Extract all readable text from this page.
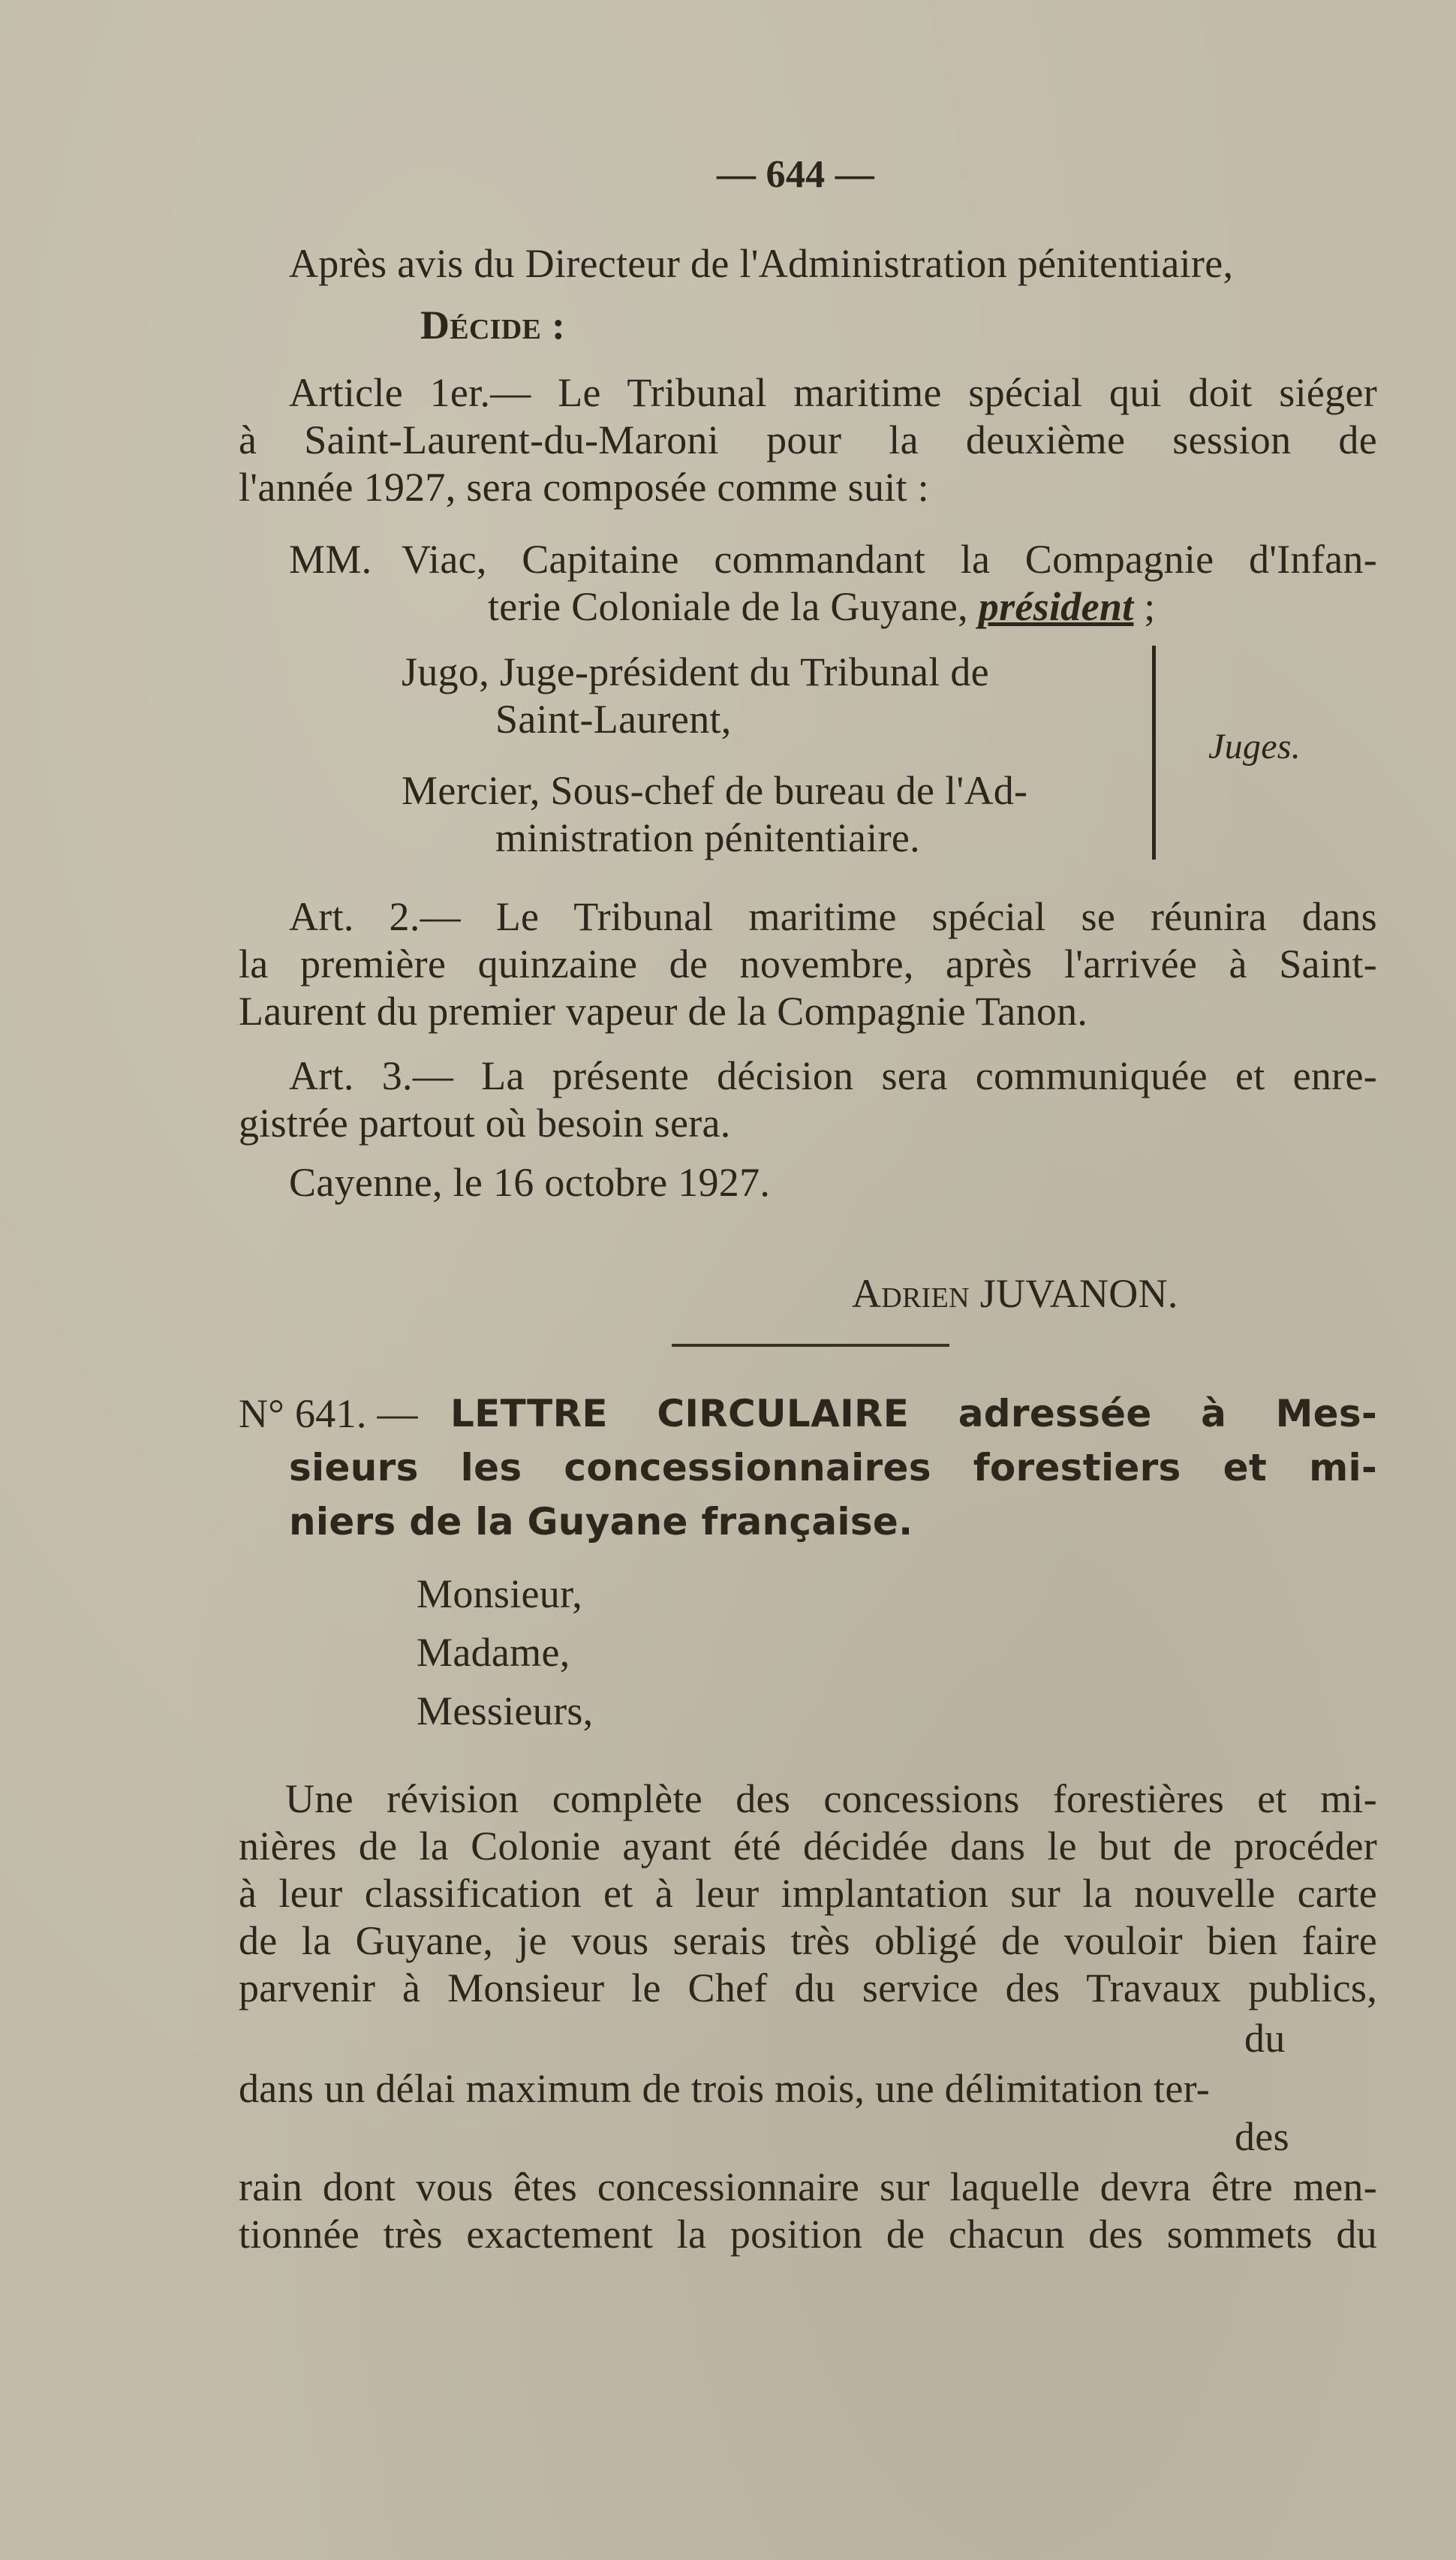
— 644 —
Après avis du Directeur de l'Administration pénitentiaire,
Décide :
Article 1er.— Le Tribunal maritime spécial qui doit siéger
à Saint-Laurent-du-Maroni pour la deuxième session de
l'année 1927, sera composée comme suit :
MM. Viac, Capitaine commandant la Compagnie d'Infan-
terie Coloniale de la Guyane, président ;
Jugo, Juge-président du Tribunal de
Saint-Laurent,
Mercier, Sous-chef de bureau de l'Ad-
ministration pénitentiaire.
Juges.
Art. 2.— Le Tribunal maritime spécial se réunira dans
la première quinzaine de novembre, après l'arrivée à Saint-
Laurent du premier vapeur de la Compagnie Tanon.
Art. 3.— La présente décision sera communiquée et enre-
gistrée partout où besoin sera.
Cayenne, le 16 octobre 1927.
Adrien JUVANON.
N° 641. — LETTRE CIRCULAIRE adressée à Mes-
sieurs les concessionnaires forestiers et mi-
niers de la Guyane française.
Monsieur,
Madame,
Messieurs,
Une révision complète des concessions forestières et mi-
nières de la Colonie ayant été décidée dans le but de procéder
à leur classification et à leur implantation sur la nouvelle carte
de la Guyane, je vous serais très obligé de vouloir bien faire
parvenir à Monsieur le Chef du service des Travaux publics,
du
dans un délai maximum de trois mois, une délimitation ter-
des
rain dont vous êtes concessionnaire sur laquelle devra être men-
tionnée très exactement la position de chacun des sommets du
